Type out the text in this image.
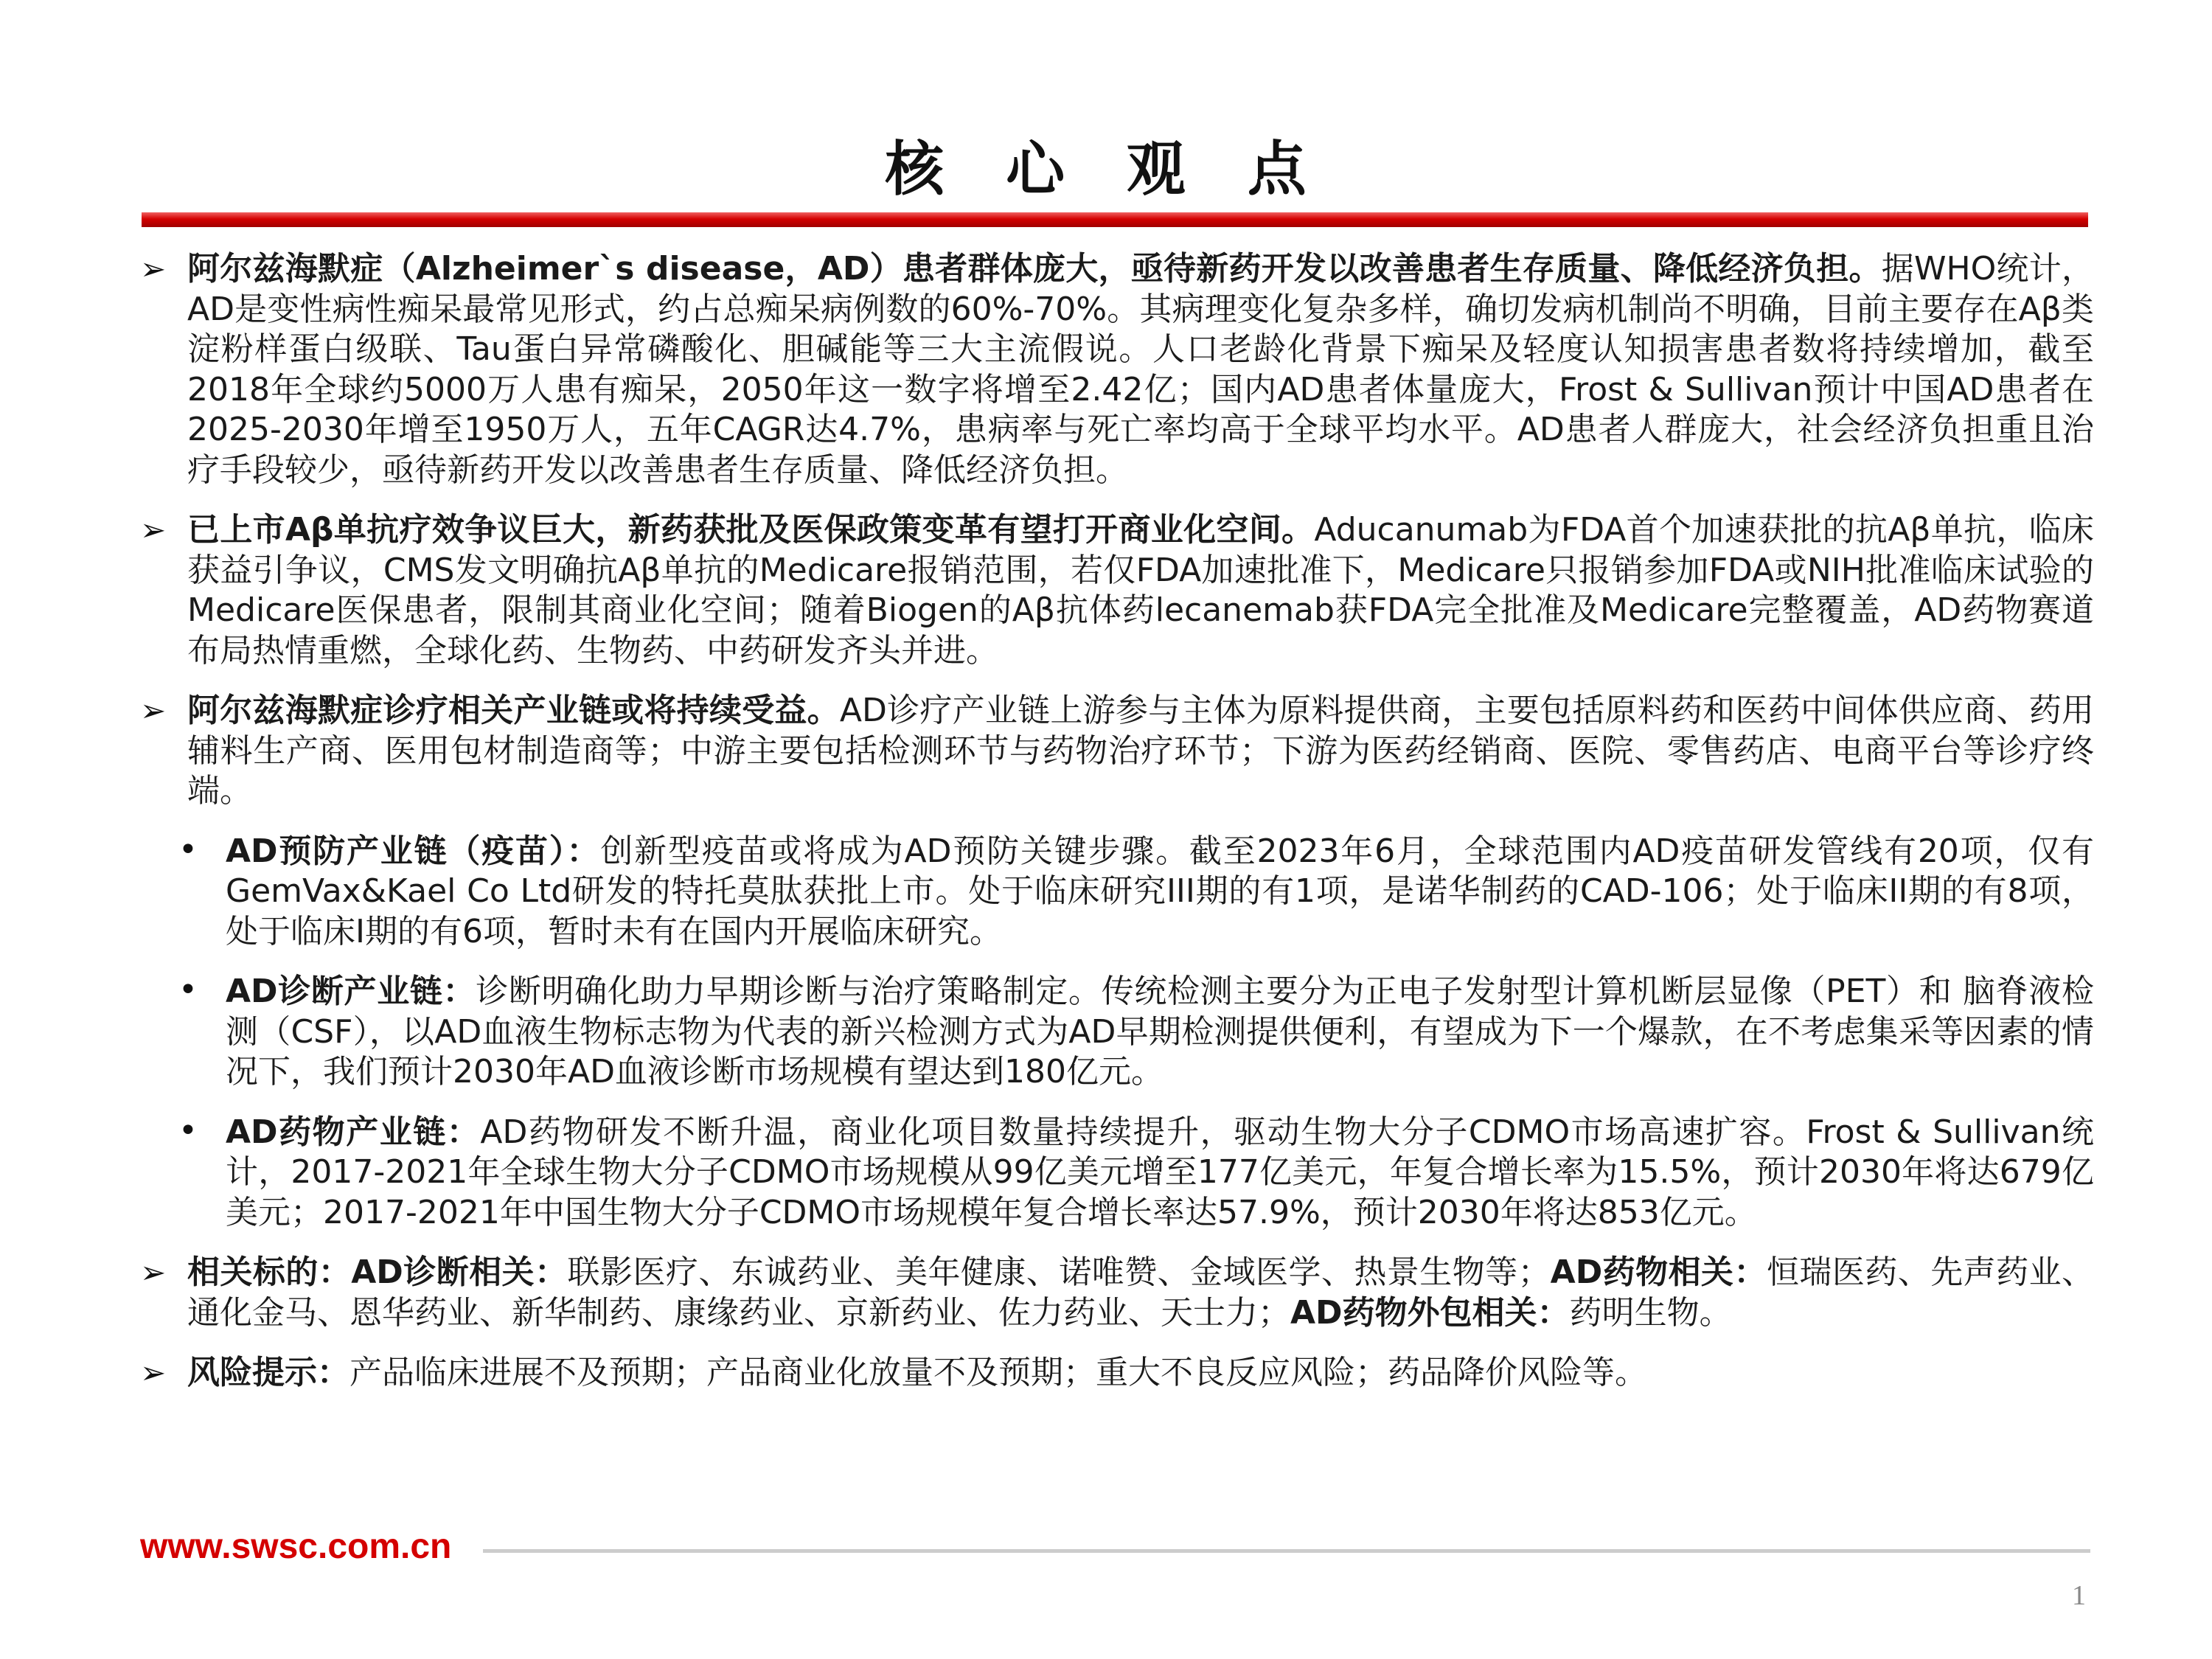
核 心 观 点
➢ 阿尔兹海默症（Alzheimer`s disease，AD）患者群体庞大，亟待新药开发以改善患者生存质量、降低经济负担。据WHO统计，AD是变性病性痴呆最常见形式，约占总痴呆病例数的60%-70%。其病理变化复杂多样，确切发病机制尚不明确，目前主要存在Aβ类淀粉样蛋白级联、Tau蛋白异常磷酸化、胆碱能等三大主流假说。人口老龄化背景下痴呆及轻度认知损害患者数将持续增加，截至2018年全球约5000万人患有痴呆，2050年这一数字将增至2.42亿；国内AD患者体量庞大，Frost & Sullivan预计中国AD患者在2025-2030年增至1950万人，五年CAGR达4.7%，患病率与死亡率均高于全球平均水平。AD患者人群庞大，社会经济负担重且治疗手段较少，亟待新药开发以改善患者生存质量、降低经济负担。
➢ 已上市Aβ单抗疗效争议巨大，新药获批及医保政策变革有望打开商业化空间。Aducanumab为FDA首个加速获批的抗Aβ单抗，临床获益引争议，CMS发文明确抗Aβ单抗的Medicare报销范围，若仅FDA加速批准下，Medicare只报销参加FDA或NIH批准临床试验的Medicare医保患者，限制其商业化空间；随着Biogen的Aβ抗体药lecanemab获FDA完全批准及Medicare完整覆盖，AD药物赛道布局热情重燃，全球化药、生物药、中药研发齐头并进。
➢ 阿尔兹海默症诊疗相关产业链或将持续受益。AD诊疗产业链上游参与主体为原料提供商，主要包括原料药和医药中间体供应商、药用辅料生产商、医用包材制造商等；中游主要包括检测环节与药物治疗环节；下游为医药经销商、医院、零售药店、电商平台等诊疗终端。
• AD预防产业链（疫苗）：创新型疫苗或将成为AD预防关键步骤。截至2023年6月，全球范围内AD疫苗研发管线有20项，仅有GemVax&Kael Co Ltd研发的特托莫肽获批上市。处于临床研究III期的有1项，是诺华制药的CAD-106；处于临床II期的有8项，处于临床I期的有6项，暂时未有在国内开展临床研究。
• AD诊断产业链：诊断明确化助力早期诊断与治疗策略制定。传统检测主要分为正电子发射型计算机断层显像（PET）和 脑脊液检测（CSF），以AD血液生物标志物为代表的新兴检测方式为AD早期检测提供便利，有望成为下一个爆款，在不考虑集采等因素的情况下，我们预计2030年AD血液诊断市场规模有望达到180亿元。
• AD药物产业链：AD药物研发不断升温，商业化项目数量持续提升，驱动生物大分子CDMO市场高速扩容。Frost & Sullivan统计，2017-2021年全球生物大分子CDMO市场规模从99亿美元增至177亿美元，年复合增长率为15.5%，预计2030年将达679亿美元；2017-2021年中国生物大分子CDMO市场规模年复合增长率达57.9%，预计2030年将达853亿元。
➢ 相关标的：AD诊断相关：联影医疗、东诚药业、美年健康、诺唯赞、金域医学、热景生物等；AD药物相关：恒瑞医药、先声药业、通化金马、恩华药业、新华制药、康缘药业、京新药业、佐力药业、天士力；AD药物外包相关：药明生物。
➢ 风险提示：产品临床进展不及预期；产品商业化放量不及预期；重大不良反应风险；药品降价风险等。
www.swsc.com.cn
1
